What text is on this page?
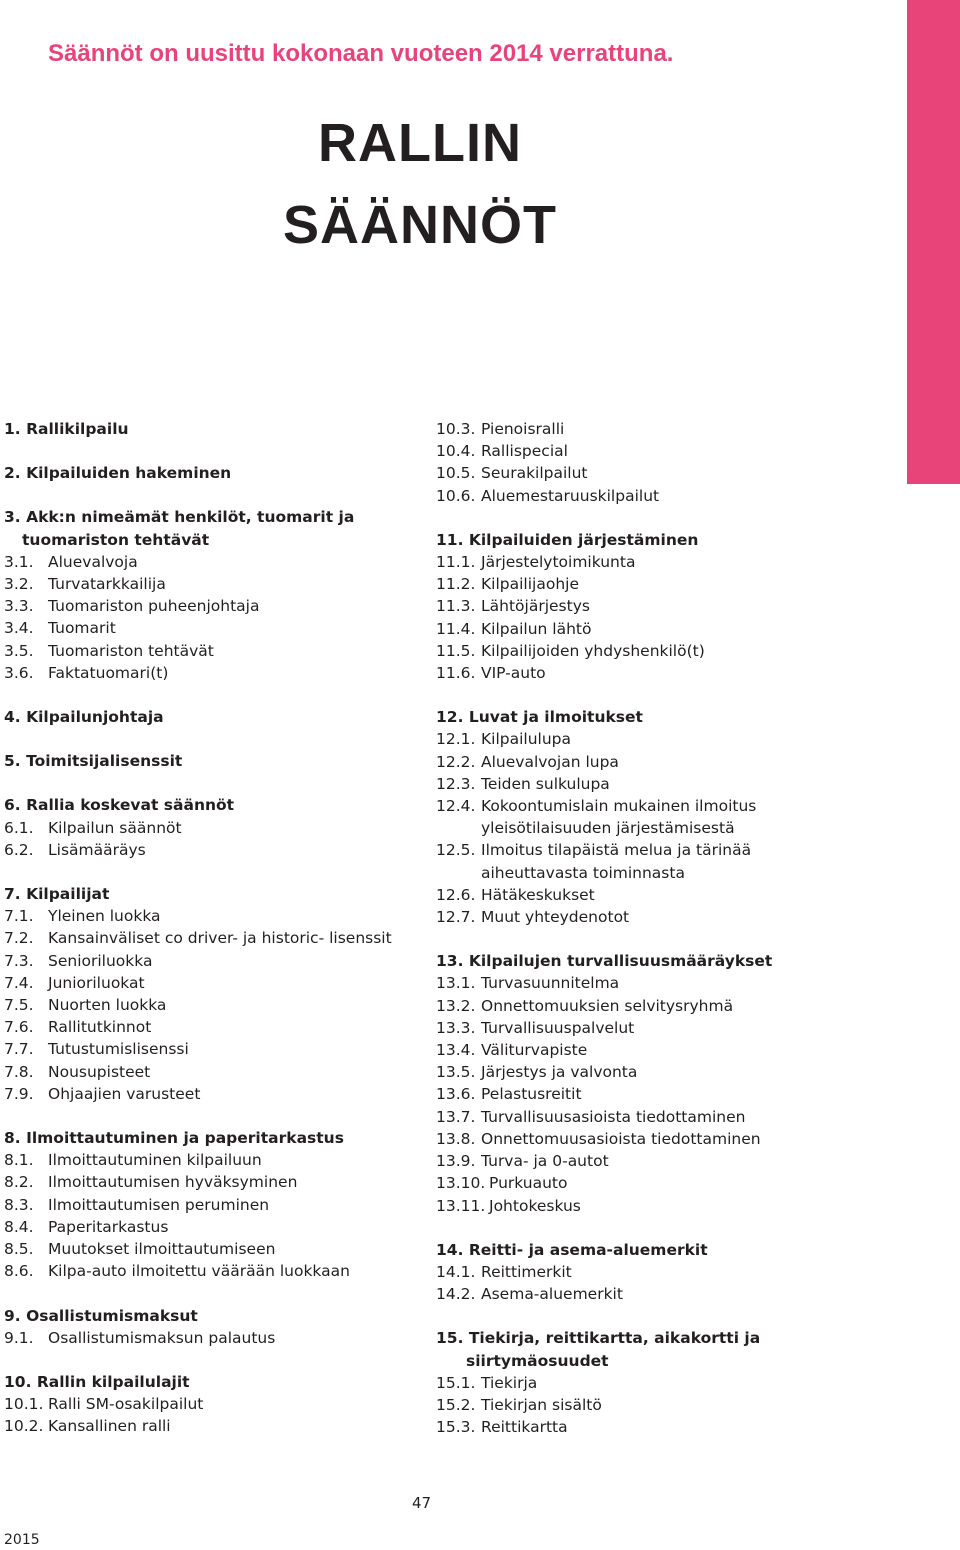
Säännöt on uusittu kokonaan vuoteen 2014 verrattuna.
RALLIN
SÄÄNNÖT
1. Rallikilpailu
2. Kilpailuiden hakeminen
3. Akk:n nimeämät henkilöt, tuomarit ja
tuomariston tehtävät
3.1. Aluevalvoja
3.2. Turvatarkkailija
3.3. Tuomariston puheenjohtaja
3.4. Tuomarit
3.5. Tuomariston tehtävät
3.6. Faktatuomari(t)
4. Kilpailunjohtaja
5. Toimitsijalisenssit
6. Rallia koskevat säännöt
6.1. Kilpailun säännöt
6.2. Lisämääräys
7. Kilpailijat
7.1. Yleinen luokka
7.2. Kansainväliset co driver- ja historic- lisenssit
7.3. Senioriluokka
7.4. Junioriluokat
7.5. Nuorten luokka
7.6. Rallitutkinnot
7.7. Tutustumislisenssi
7.8. Nousupisteet
7.9. Ohjaajien varusteet
8. Ilmoittautuminen ja paperitarkastus
8.1. Ilmoittautuminen kilpailuun
8.2. Ilmoittautumisen hyväksyminen
8.3. Ilmoittautumisen peruminen
8.4. Paperitarkastus
8.5. Muutokset ilmoittautumiseen
8.6. Kilpa-auto ilmoitettu väärään luokkaan
9. Osallistumismaksut
9.1. Osallistumismaksun palautus
10. Rallin kilpailulajit
10.1. Ralli SM-osakilpailut
10.2. Kansallinen ralli
10.3. Pienoisralli
10.4. Rallispecial
10.5. Seurakilpailut
10.6. Aluemestaruuskilpailut
11. Kilpailuiden järjestäminen
11.1. Järjestelytoimikunta
11.2. Kilpailijaohje
11.3. Lähtöjärjestys
11.4. Kilpailun lähtö
11.5. Kilpailijoiden yhdyshenkilö(t)
11.6. VIP-auto
12. Luvat ja ilmoitukset
12.1. Kilpailulupa
12.2. Aluevalvojan lupa
12.3. Teiden sulkulupa
12.4. Kokoontumislain mukainen ilmoitus
yleisötilaisuuden järjestämisestä
12.5. Ilmoitus tilapäistä melua ja tärinää
aiheuttavasta toiminnasta
12.6. Hätäkeskukset
12.7. Muut yhteydenotot
13. Kilpailujen turvallisuusmääräykset
13.1. Turvasuunnitelma
13.2. Onnettomuuksien selvitysryhmä
13.3. Turvallisuuspalvelut
13.4. Väliturvapiste
13.5. Järjestys ja valvonta
13.6. Pelastusreitit
13.7. Turvallisuusasioista tiedottaminen
13.8. Onnettomuusasioista tiedottaminen
13.9. Turva- ja 0-autot
13.10. Purkuauto
13.11. Johtokeskus
14. Reitti- ja asema-aluemerkit
14.1. Reittimerkit
14.2. Asema-aluemerkit
15. Tiekirja, reittikartta, aikakortti ja
siirtymäosuudet
15.1. Tiekirja
15.2. Tiekirjan sisältö
15.3. Reittikartta
47
2015
